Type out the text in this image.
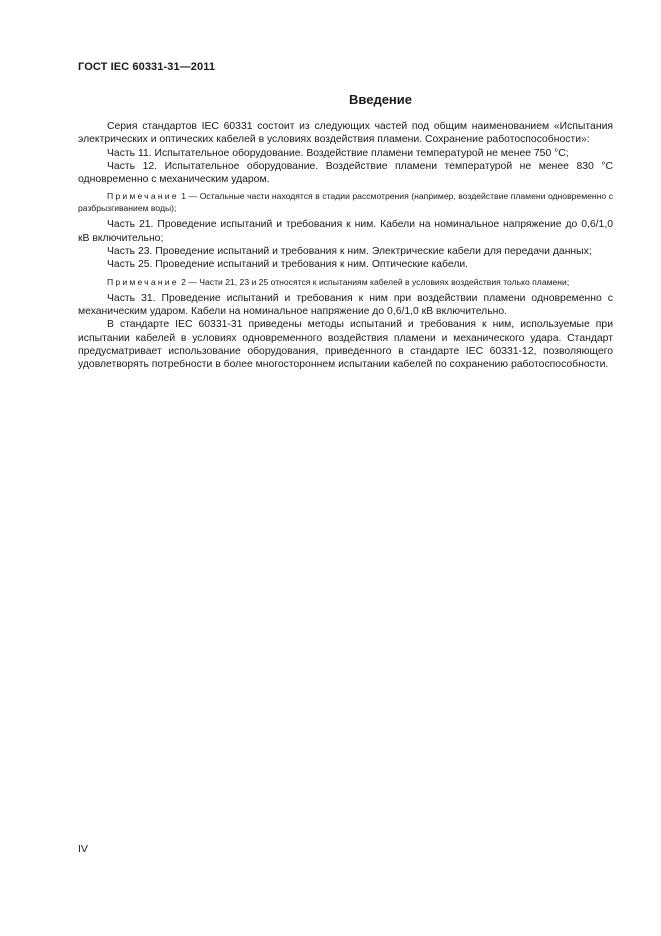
ГОСТ IEC 60331-31—2011
Введение

Серия стандартов IEC 60331 состоит из следующих частей под общим наименованием «Испытания электрических и оптических кабелей в условиях воздействия пламени. Сохранение работоспособности»:

Часть 11. Испытательное оборудование. Воздействие пламени температурой не менее 750 °С;

Часть 12. Испытательное оборудование. Воздействие пламени температурой не менее 830 °С одновременно с механическим ударом.

Примечание 1 — Остальные части находятся в стадии рассмотрения (например, воздействие пламени одновременно с разбрызгиванием воды);

Часть 21. Проведение испытаний и требования к ним. Кабели на номинальное напряжение до 0,6/1,0 кВ включительно;

Часть 23. Проведение испытаний и требования к ним. Электрические кабели для передачи данных;

Часть 25. Проведение испытаний и требования к ним. Оптические кабели.

Примечание 2 — Части 21, 23 и 25 относятся к испытаниям кабелей в условиях воздействия только пламени;

Часть 31. Проведение испытаний и требования к ним при воздействии пламени одновременно с механическим ударом. Кабели на номинальное напряжение до 0,6/1,0 кВ включительно.

В стандарте IEC 60331-31 приведены методы испытаний и требования к ним, используемые при испытании кабелей в условиях одновременного воздействия пламени и механического удара. Стандарт предусматривает использование оборудования, приведенного в стандарте IEC 60331-12, позволяющего удовлетворять потребности в более многостороннем испытании кабелей по сохранению работоспособности.

IV
